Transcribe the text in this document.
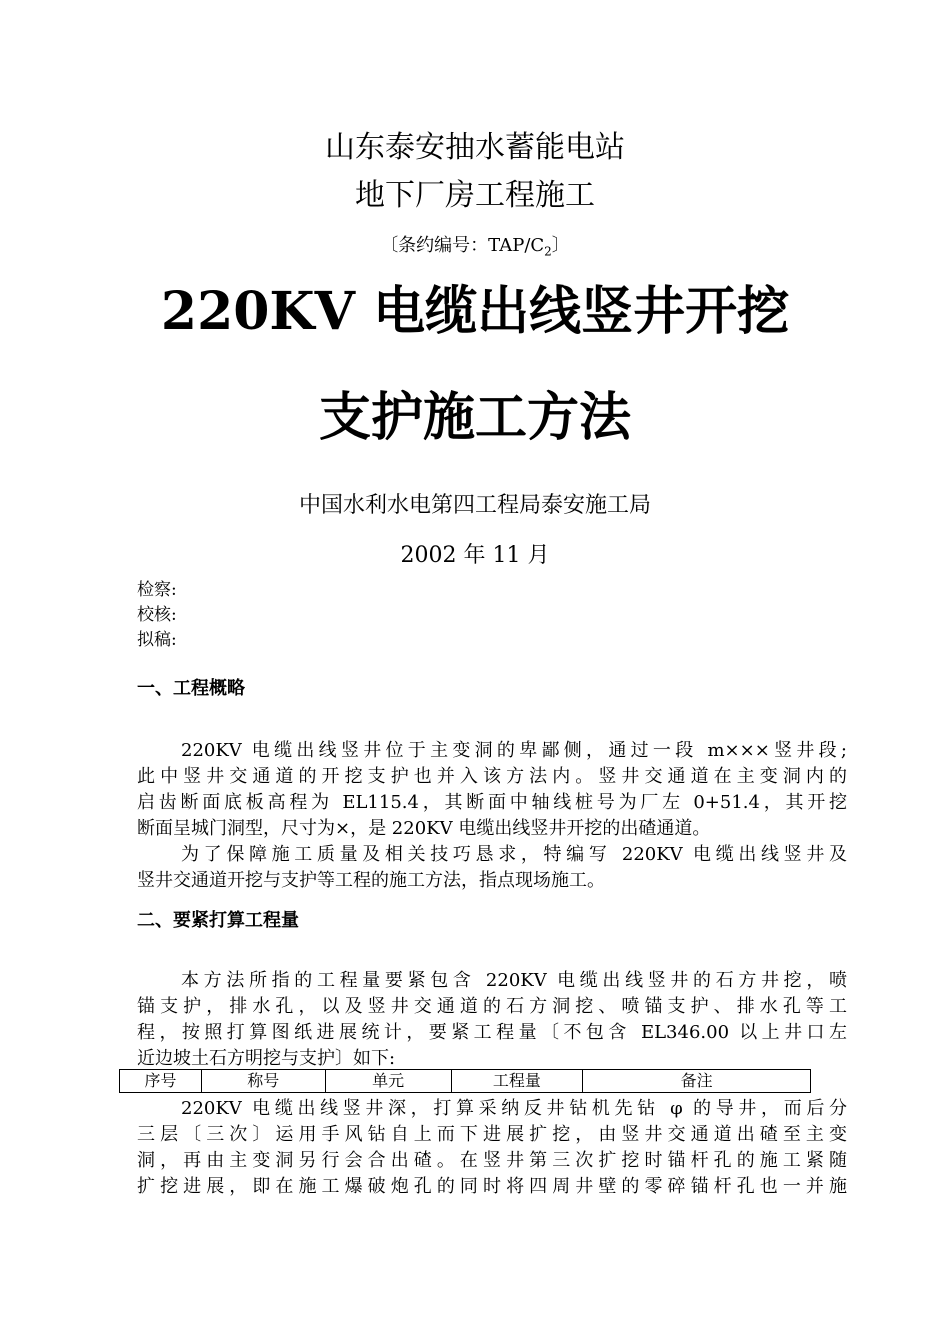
山东泰安抽水蓄能电站
地下厂房工程施工
〔条约编号：TAP/$C_2$〕
220KV 电缆出线竖井开挖
支护施工方法
中国水利水电第四工程局泰安施工局
2002 年 11 月
检察:
校核:
拟稿:
一、工程概略
220KV 电缆出线竖井位于主变洞的卑鄙侧，通过一段 m×××竖井段;
此中竖井交通道的开挖支护也并入该方法内。竖井交通道在主变洞内的
启齿断面底板高程为 EL115.4，其断面中轴线桩号为厂左 0+51.4，其开挖
断面呈城门洞型，尺寸为×，是 220KV 电缆出线竖井开挖的出碴通道。
为了保障施工质量及相关技巧恳求，特编写 220KV 电缆出线竖井及
竖井交通道开挖与支护等工程的施工方法，指点现场施工。
二、要紧打算工程量
本方法所指的工程量要紧包含 220KV 电缆出线竖井的石方井挖，喷
锚支护，排水孔，以及竖井交通道的石方洞挖、喷锚支护、排水孔等工
程，按照打算图纸进展统计，要紧工程量〔不包含 EL346.00 以上井口左
近边坡土石方明挖与支护〕如下:
序号	称号	单元	工程量	备注
220KV 电缆出线竖井深，打算采纳反井钻机先钻 φ 的导井，而后分
三层〔三次〕运用手风钻自上而下进展扩挖，由竖井交通道出碴至主变
洞，再由主变洞另行会合出碴。在竖井第三次扩挖时锚杆孔的施工紧随
扩挖进展，即在施工爆破炮孔的同时将四周井壁的零碎锚杆孔也一并施
